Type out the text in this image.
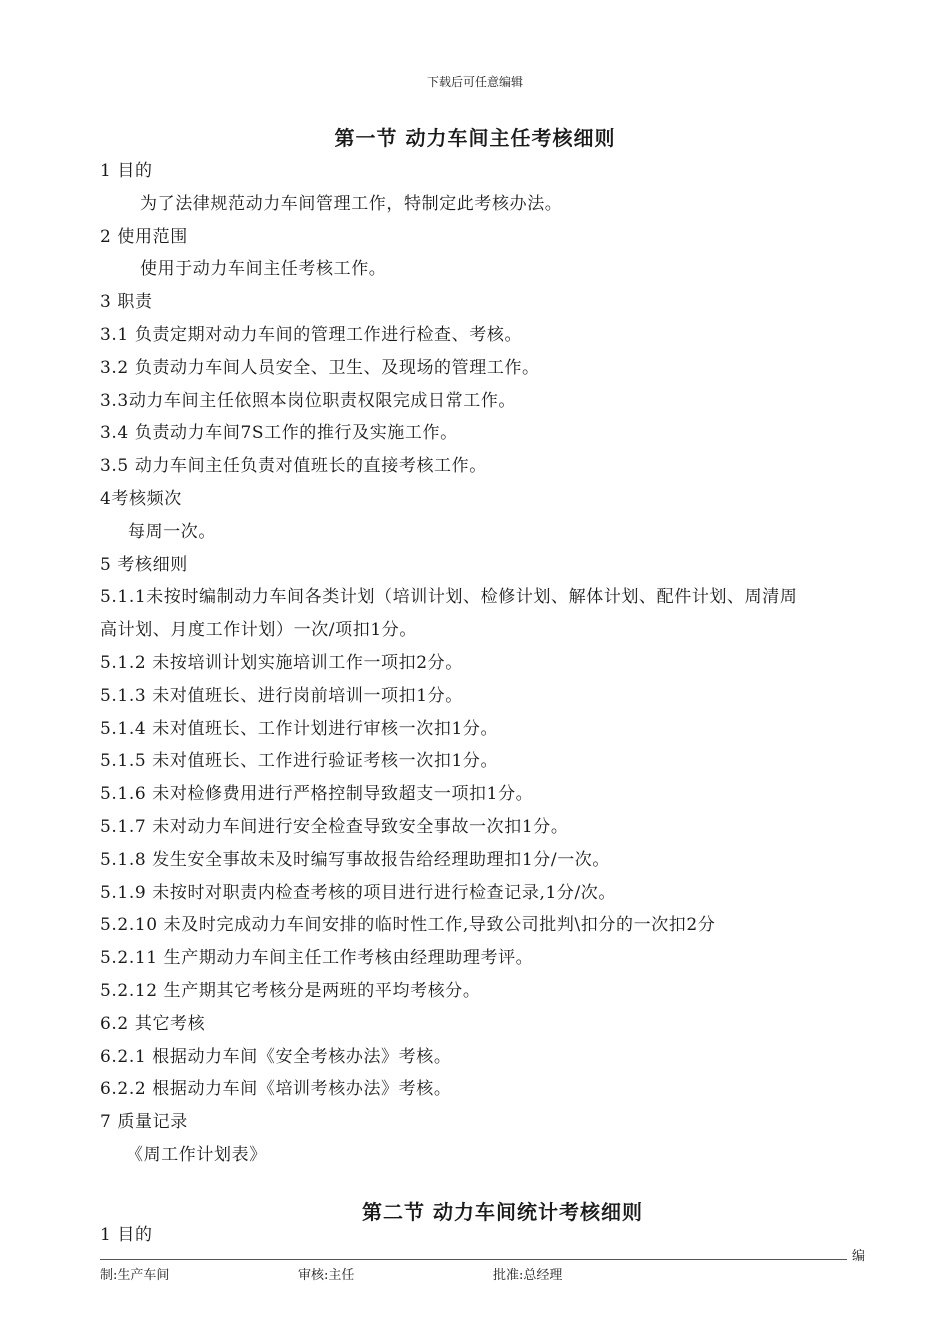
下载后可任意编辑
第一节 动力车间主任考核细则
1 目的
为了法律规范动力车间管理工作，特制定此考核办法。
2 使用范围
使用于动力车间主任考核工作。
3 职责
3.1 负责定期对动力车间的管理工作进行检查、考核。
3.2 负责动力车间人员安全、卫生、及现场的管理工作。
3.3动力车间主任依照本岗位职责权限完成日常工作。
3.4 负责动力车间7S工作的推行及实施工作。
3.5 动力车间主任负责对值班长的直接考核工作。
4考核频次
每周一次。
5 考核细则
5.1.1未按时编制动力车间各类计划（培训计划、检修计划、解体计划、配件计划、周清周
高计划、月度工作计划）一次/项扣1分。
5.1.2 未按培训计划实施培训工作一项扣2分。
5.1.3 未对值班长、进行岗前培训一项扣1分。
5.1.4 未对值班长、工作计划进行审核一次扣1分。
5.1.5 未对值班长、工作进行验证考核一次扣1分。
5.1.6 未对检修费用进行严格控制导致超支一项扣1分。
5.1.7 未对动力车间进行安全检查导致安全事故一次扣1分。
5.1.8 发生安全事故未及时编写事故报告给经理助理扣1分/一次。
5.1.9 未按时对职责内检查考核的项目进行进行检查记录,1分/次。
5.2.10 未及时完成动力车间安排的临时性工作,导致公司批判\扣分的一次扣2分
5.2.11 生产期动力车间主任工作考核由经理助理考评。
5.2.12 生产期其它考核分是两班的平均考核分。
6.2 其它考核
6.2.1 根据动力车间《安全考核办法》考核。
6.2.2 根据动力车间《培训考核办法》考核。
7 质量记录
《周工作计划表》
第二节 动力车间统计考核细则
1 目的
编
制:生产车间	审核:主任	批准:总经理
